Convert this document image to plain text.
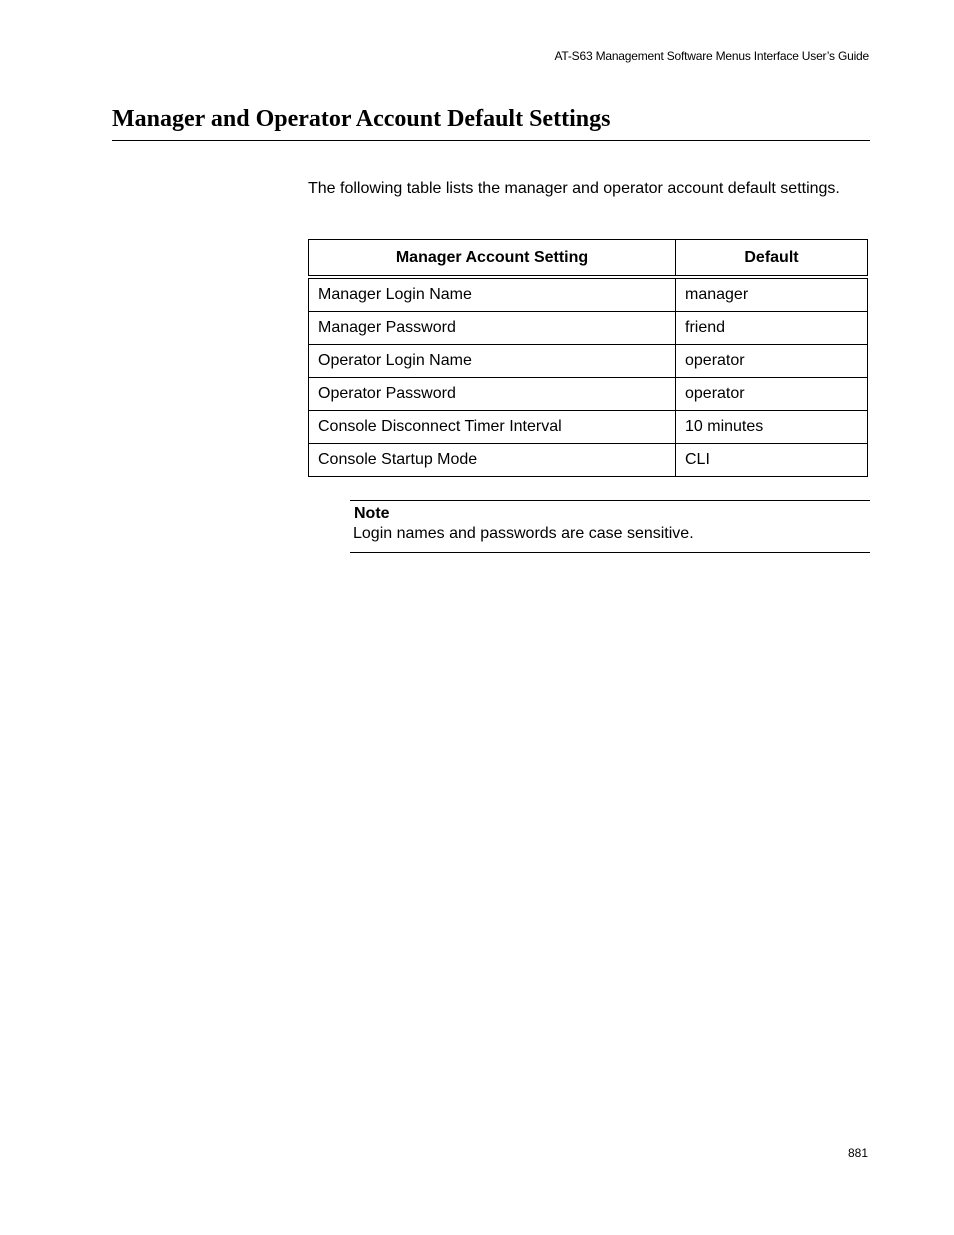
AT-S63 Management Software Menus Interface User’s Guide
Manager and Operator Account Default Settings

The following table lists the manager and operator account default settings.

Manager Account Setting	Default
Manager Login Name	manager
Manager Password	friend
Operator Login Name	operator
Operator Password	operator
Console Disconnect Timer Interval	10 minutes
Console Startup Mode	CLI
Note
Login names and passwords are case sensitive.
881
